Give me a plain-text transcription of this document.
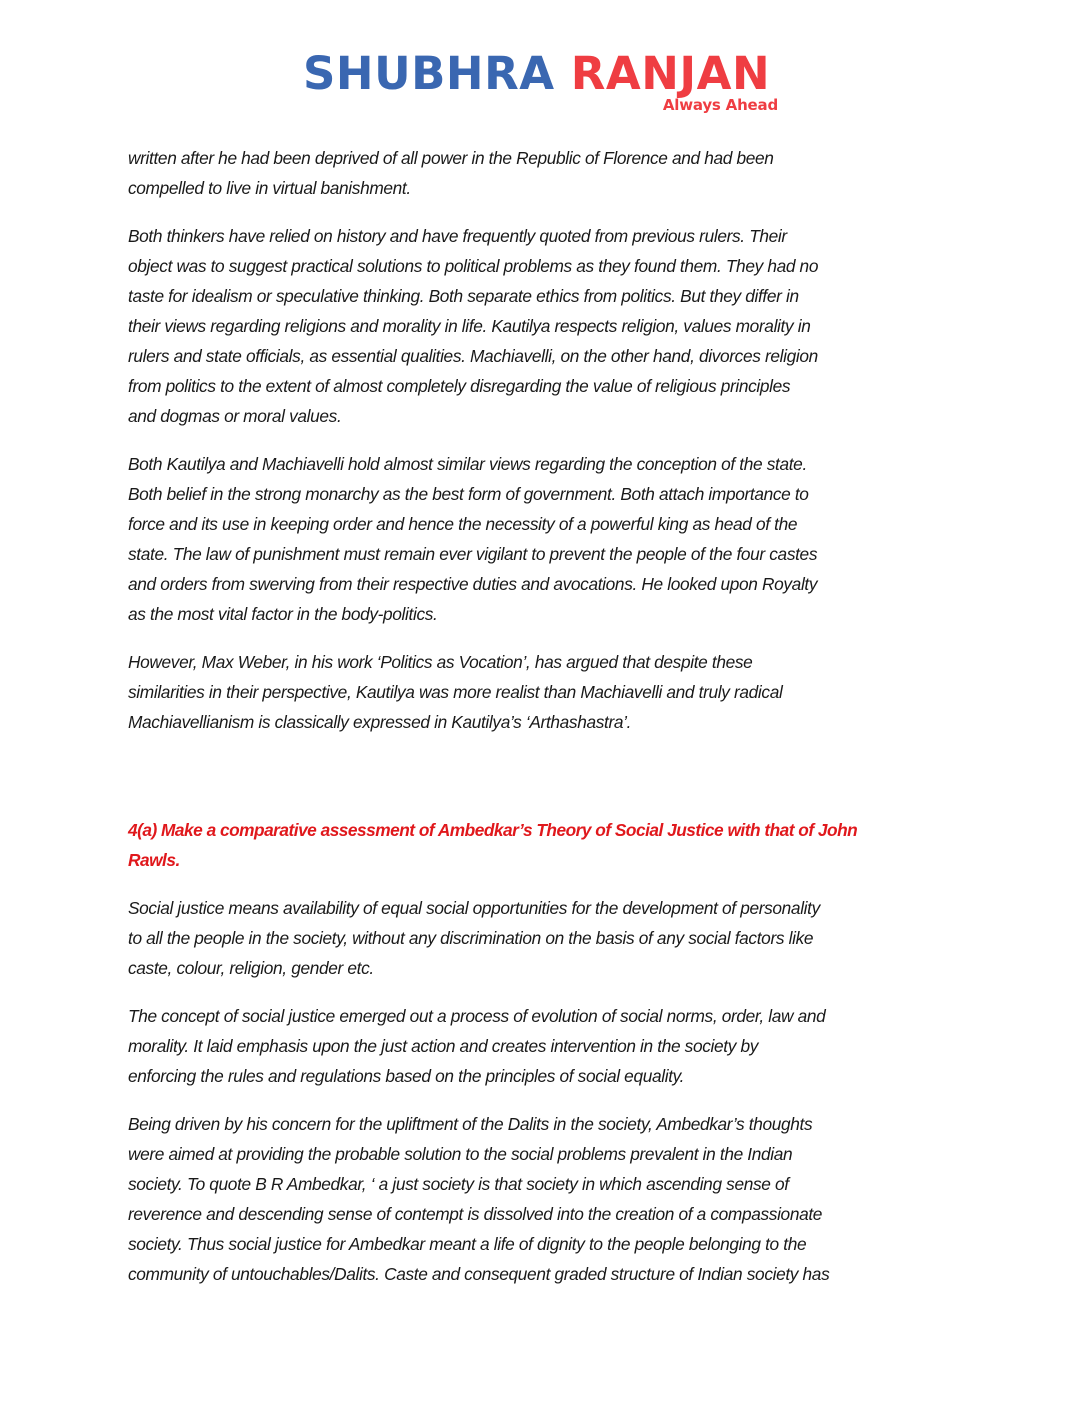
SHUBHRA RANJAN
Always Ahead
written after he had been deprived of all power in the Republic of Florence and had been
compelled to live in virtual banishment.
Both thinkers have relied on history and have frequently quoted from previous rulers. Their
object was to suggest practical solutions to political problems as they found them. They had no
taste for idealism or speculative thinking. Both separate ethics from politics. But they differ in
their views regarding religions and morality in life. Kautilya respects religion, values morality in
rulers and state officials, as essential qualities. Machiavelli, on the other hand, divorces religion
from politics to the extent of almost completely disregarding the value of religious principles
and dogmas or moral values.
Both Kautilya and Machiavelli hold almost similar views regarding the conception of the state.
Both belief in the strong monarchy as the best form of government. Both attach importance to
force and its use in keeping order and hence the necessity of a powerful king as head of the
state. The law of punishment must remain ever vigilant to prevent the people of the four castes
and orders from swerving from their respective duties and avocations. He looked upon Royalty
as the most vital factor in the body-politics.
However, Max Weber, in his work ‘Politics as Vocation’, has argued that despite these
similarities in their perspective, Kautilya was more realist than Machiavelli and truly radical
Machiavellianism is classically expressed in Kautilya’s ‘Arthashastra’.
4(a) Make a comparative assessment of Ambedkar’s Theory of Social Justice with that of John
Rawls.
Social justice means availability of equal social opportunities for the development of personality
to all the people in the society, without any discrimination on the basis of any social factors like
caste, colour, religion, gender etc.
The concept of social justice emerged out a process of evolution of social norms, order, law and
morality. It laid emphasis upon the just action and creates intervention in the society by
enforcing the rules and regulations based on the principles of social equality.
Being driven by his concern for the upliftment of the Dalits in the society, Ambedkar’s thoughts
were aimed at providing the probable solution to the social problems prevalent in the Indian
society. To quote B R Ambedkar, ‘ a just society is that society in which ascending sense of
reverence and descending sense of contempt is dissolved into the creation of a compassionate
society. Thus social justice for Ambedkar meant a life of dignity to the people belonging to the
community of untouchables/Dalits. Caste and consequent graded structure of Indian society has
